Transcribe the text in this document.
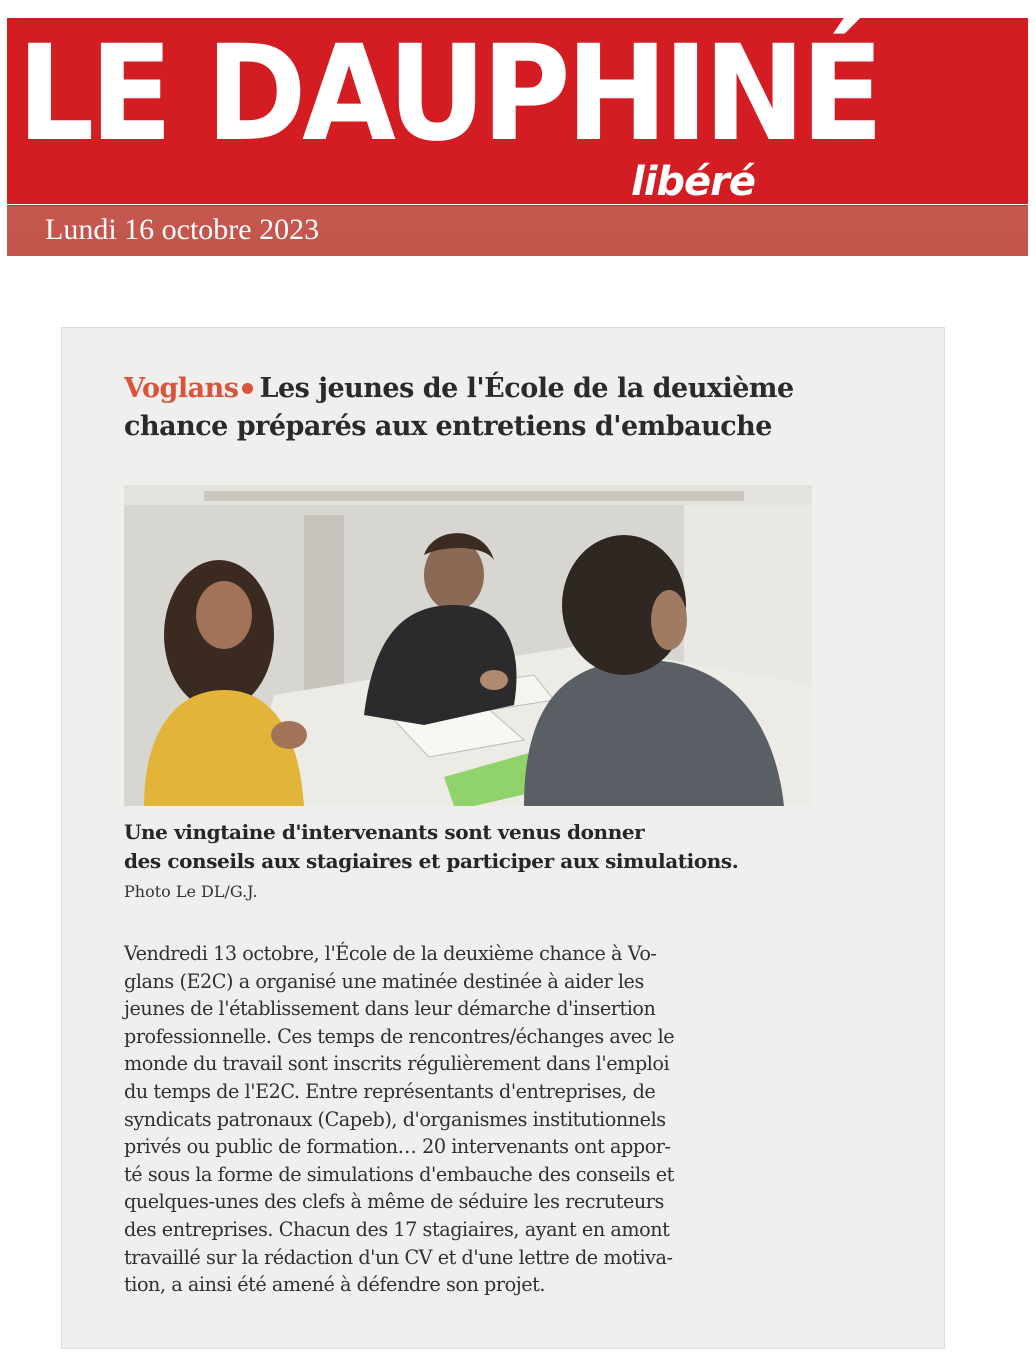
LE DAUPHINÉ
libéré
Lundi 16 octobre 2023
Voglans Les jeunes de l'École de la deuxième
chance préparés aux entretiens d'embauche
Une vingtaine d'intervenants sont venus donner
des conseils aux stagiaires et participer aux simulations.
Photo Le DL/G.J.
Vendredi 13 octobre, l'École de la deuxième chance à Vo-
glans (E2C) a organisé une matinée destinée à aider les
jeunes de l'établissement dans leur démarche d'insertion
professionnelle. Ces temps de rencontres/échanges avec le
monde du travail sont inscrits régulièrement dans l'emploi
du temps de l'E2C. Entre représentants d'entreprises, de
syndicats patronaux (Capeb), d'organismes institutionnels
privés ou public de formation… 20 intervenants ont appor-
té sous la forme de simulations d'embauche des conseils et
quelques-unes des clefs à même de séduire les recruteurs
des entreprises. Chacun des 17 stagiaires, ayant en amont
travaillé sur la rédaction d'un CV et d'une lettre de motiva-
tion, a ainsi été amené à défendre son projet.
